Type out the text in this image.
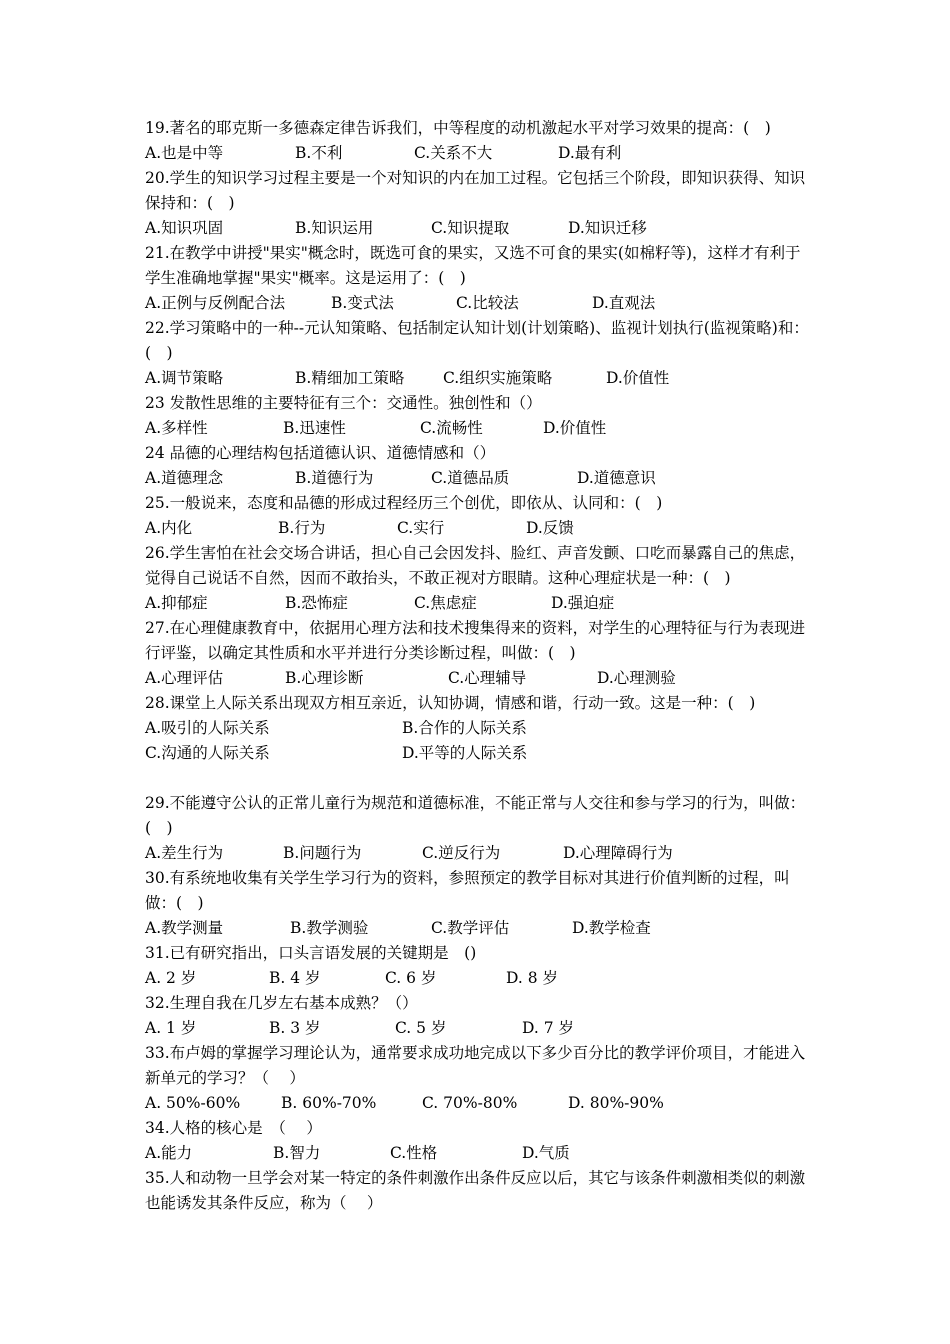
19.著名的耶克斯一多德森定律告诉我们，中等程度的动机激起水平对学习效果的提高：(　)

A.也是中等	B.不利	C.关系不大	D.最有利

20.学生的知识学习过程主要是一个对知识的内在加工过程。它包括三个阶段，即知识获得、知识保持和：(　)

A.知识巩固	B.知识运用	C.知识提取	D.知识迁移

21.在教学中讲授"果实"概念时，既选可食的果实，又选不可食的果实(如棉籽等)，这样才有利于学生准确地掌握"果实"概率。这是运用了：(　)

A.正例与反例配合法	B.变式法	C.比较法	D.直观法

22.学习策略中的一种--元认知策略、包括制定认知计划(计划策略)、监视计划执行(监视策略)和：(　)

A.调节策略	B.精细加工策略 C.组织实施策略	D.价值性

23 发散性思维的主要特征有三个：交通性。独创性和（）

A.多样性	B.迅速性	C.流畅性	D.价值性

24 品德的心理结构包括道德认识、道德情感和（）

A.道德理念	B.道德行为	C.道德品质	D.道德意识

25.一般说来，态度和品德的形成过程经历三个创优，即依从、认同和：(　)

A.内化	B.行为	C.实行	D.反馈

26.学生害怕在社会交场合讲话，担心自己会因发抖、脸红、声音发颤、口吃而暴露自己的焦虑，觉得自己说话不自然，因而不敢抬头，不敢正视对方眼睛。这种心理症状是一种：(　)

A.抑郁症	B.恐怖症	C.焦虑症	D.强迫症

27.在心理健康教育中，依据用心理方法和技术搜集得来的资料，对学生的心理特征与行为表现进行评鉴，以确定其性质和水平并进行分类诊断过程，叫做：(　)

A.心理评估	B.心理诊断	C.心理辅导	D.心理测验

28.课堂上人际关系出现双方相互亲近，认知协调，情感和谐，行动一致。这是一种：(　)

A.吸引的人际关系	B.合作的人际关系
C.沟通的人际关系	D.平等的人际关系

29.不能遵守公认的正常儿童行为规范和道德标准，不能正常与人交往和参与学习的行为，叫做：(　)

A.差生行为	B.问题行为	C.逆反行为	D.心理障碍行为

30.有系统地收集有关学生学习行为的资料，参照预定的教学目标对其进行价值判断的过程，叫做：(　)

A.教学测量	B.教学测验	C.教学评估	D.教学检查

31.已有研究指出，口头言语发展的关键期是　()

A. 2 岁	B. 4 岁	C. 6 岁	D. 8 岁

32.生理自我在几岁左右基本成熟？（）

A. 1 岁	B. 3 岁	C. 5 岁	D. 7 岁

33.布卢姆的掌握学习理论认为，通常要求成功地完成以下多少百分比的教学评价项目，才能进入新单元的学习？（　 ）

A. 50%-60%	B. 60%-70%	C. 70%-80%	D. 80%-90%

34.人格的核心是　（　 ）

A.能力	B.智力	C.性格	D.气质

35.人和动物一旦学会对某一特定的条件刺激作出条件反应以后，其它与该条件刺激相类似的刺激也能诱发其条件反应，称为（　 ）
